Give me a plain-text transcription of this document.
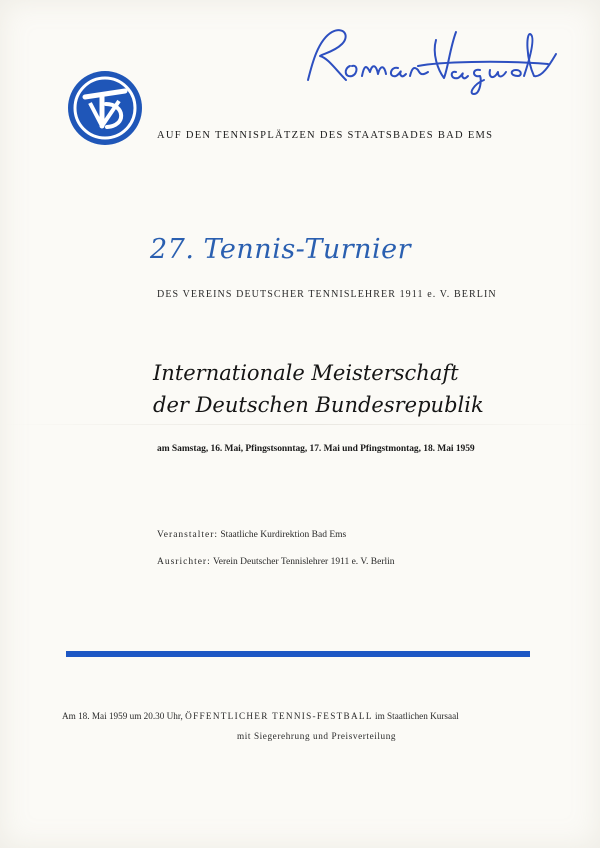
AUF DEN TENNISPLÄTZEN DES STAATSBADES BAD EMS
27. Tennis-Turnier
DES VEREINS DEUTSCHER TENNISLEHRER 1911 e. V. BERLIN
Internationale Meisterschaft
der Deutschen Bundesrepublik
am Samstag, 16. Mai, Pfingstsonntag, 17. Mai und Pfingstmontag, 18. Mai 1959
Veranstalter: Staatliche Kurdirektion Bad Ems
Ausrichter: Verein Deutscher Tennislehrer 1911 e. V. Berlin
Am 18. Mai 1959 um 20.30 Uhr, ÖFFENTLICHER TENNIS-FESTBALL im Staatlichen Kursaal
mit Siegerehrung und Preisverteilung
